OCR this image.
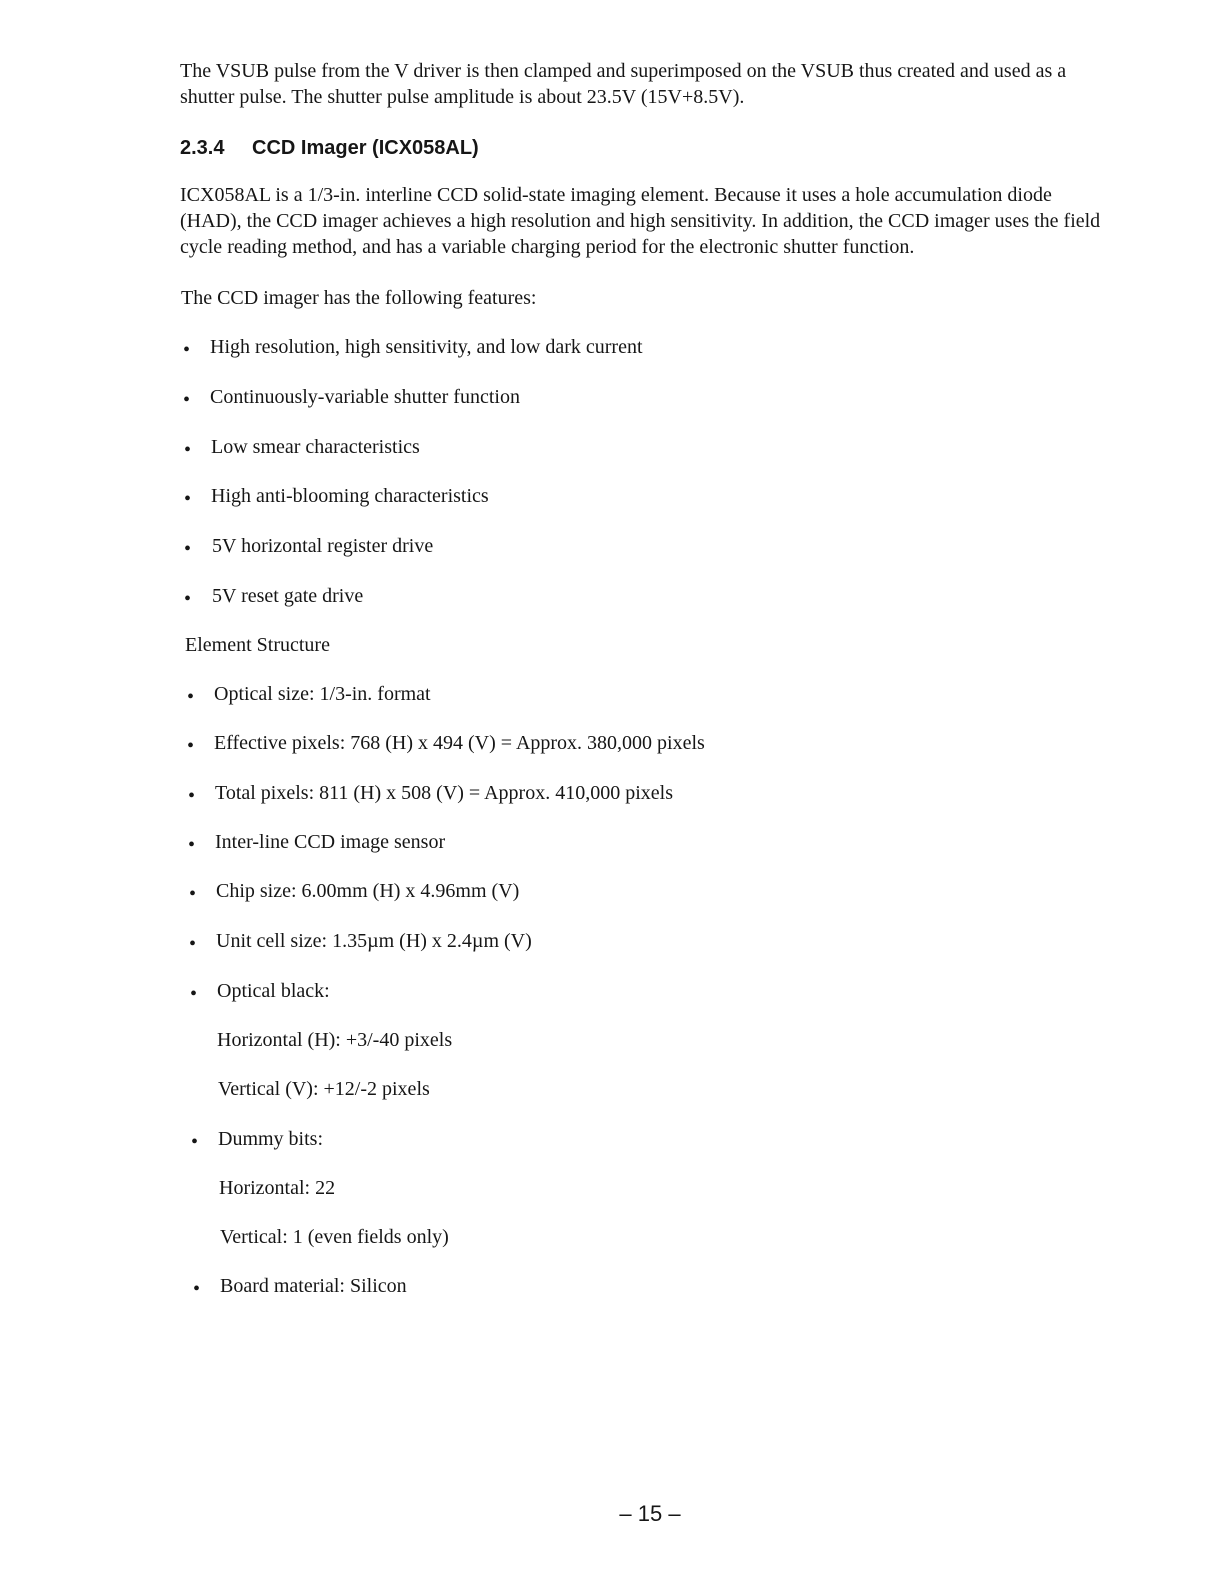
The VSUB pulse from the V driver is then clamped and superimposed on the VSUB thus created and used as a shutter pulse. The shutter pulse amplitude is about 23.5V (15V+8.5V).

2.3.4 CCD Imager (ICX058AL)

ICX058AL is a 1/3-in. interline CCD solid-state imaging element. Because it uses a hole accumulation diode (HAD), the CCD imager achieves a high resolution and high sensitivity. In addition, the CCD imager uses the field cycle reading method, and has a variable charging period for the electronic shutter function.

The CCD imager has the following features:

• High resolution, high sensitivity, and low dark current
• Continuously-variable shutter function
• Low smear characteristics
• High anti-blooming characteristics
• 5V horizontal register drive
• 5V reset gate drive

Element Structure

• Optical size: 1/3-in. format
• Effective pixels: 768 (H) x 494 (V) = Approx. 380,000 pixels
• Total pixels: 811 (H) x 508 (V) = Approx. 410,000 pixels
• Inter-line CCD image sensor
• Chip size: 6.00mm (H) x 4.96mm (V)
• Unit cell size: 1.35µm (H) x 2.4µm (V)
• Optical black:
Horizontal (H): +3/-40 pixels
Vertical (V): +12/-2 pixels
• Dummy bits:
Horizontal: 22
Vertical: 1 (even fields only)
• Board material: Silicon
– 15 –
